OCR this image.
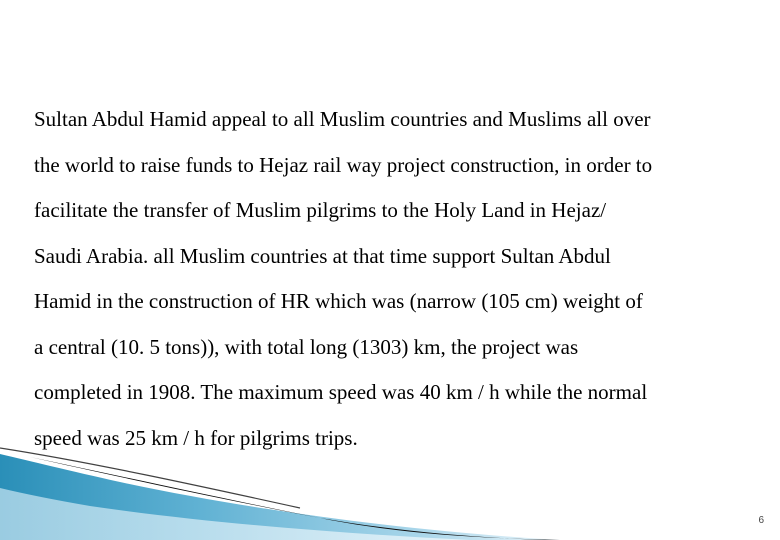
Sultan Abdul Hamid appeal to all Muslim countries and Muslims all over
the world to raise funds to Hejaz rail way project construction, in order to
facilitate the transfer of Muslim pilgrims to the Holy Land in Hejaz/
Saudi Arabia. all Muslim countries at that time support Sultan Abdul
Hamid in the construction of HR which was (narrow (105 cm) weight of
a central (10. 5 tons)), with total long (1303) km, the project was
completed in 1908. The maximum speed was 40 km / h while the normal
speed was 25 km / h for pilgrims trips.
6
